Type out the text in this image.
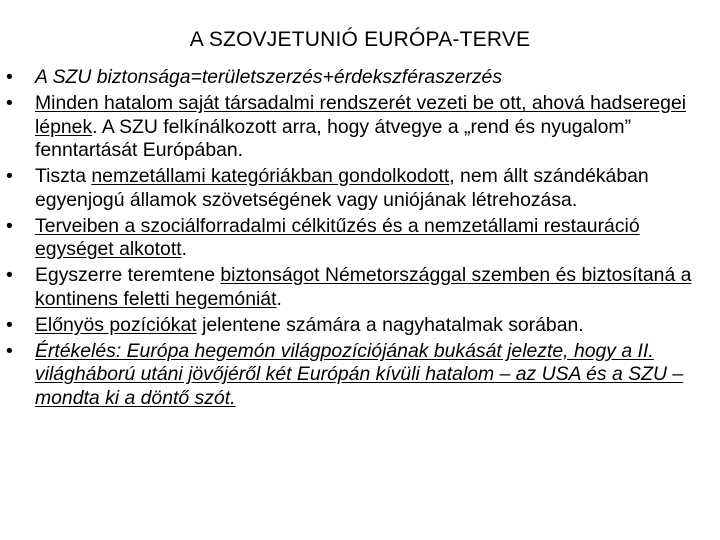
A SZOVJETUNIÓ EURÓPA-TERVE
• A SZU biztonsága=területszerzés+érdekszféraszerzés
• Minden hatalom saját társadalmi rendszerét vezeti be ott, ahová hadseregei lépnek. A SZU felkínálkozott arra, hogy átvegye a „rend és nyugalom” fenntartását Európában.
• Tiszta nemzetállami kategóriákban gondolkodott, nem állt szándékában egyenjogú államok szövetségének vagy uniójának létrehozása.
• Terveiben a szociálforradalmi célkitűzés és a nemzetállami restauráció egységet alkotott.
• Egyszerre teremtene biztonságot Németországgal szemben és biztosítaná a kontinens feletti hegemóniát.
• Előnyös pozíciókat jelentene számára a nagyhatalmak sorában.
• Értékelés: Európa hegemón világpozíciójának bukását jelezte, hogy a II. világháború utáni jövőjéről két Európán kívüli hatalom – az USA és a SZU – mondta ki a döntő szót.
